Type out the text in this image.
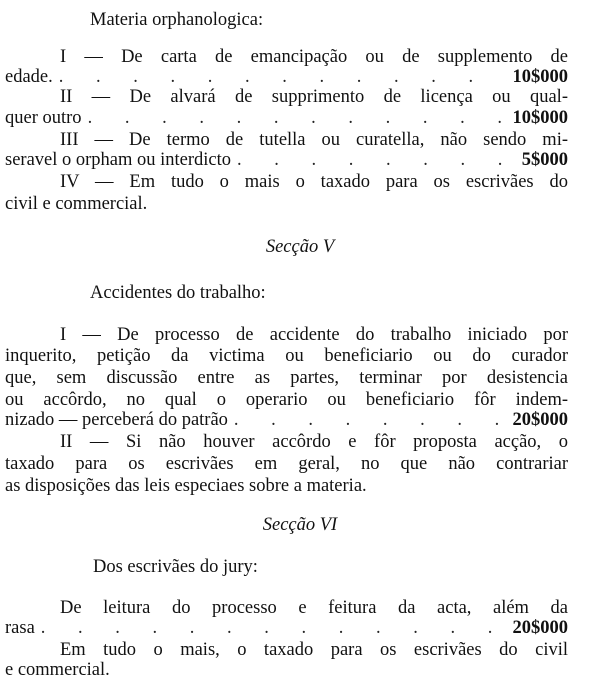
Materia orphanologica:
I — De carta de emancipação ou de supplemento de
edade. . . .	10$000
II — De alvará de supprimento de licença ou qual-
quer outro . . .	10$000
III — De termo de tutella ou curatella, não sendo mi-
seravel o orpham ou interdicto . . .	5$000
IV — Em tudo o mais o taxado para os escrivães do
civil e commercial.
Secção V
Accidentes do trabalho:
I — De processo de accidente do trabalho iniciado por
inquerito, petição da victima ou beneficiario ou do curador
que, sem discussão entre as partes, terminar por desistencia
ou accôrdo, no qual o operario ou beneficiario fôr indem-
nizado — perceberá do patrão . . .	20$000
II — Si não houver accôrdo e fôr proposta acção, o
taxado para os escrivães em geral, no que não contrariar
as disposições das leis especiaes sobre a materia.
Secção VI
Dos escrivães do jury:
De leitura do processo e feitura da acta, além da
rasa . . .	20$000
Em tudo o mais, o taxado para os escrivães do civil
e commercial.
